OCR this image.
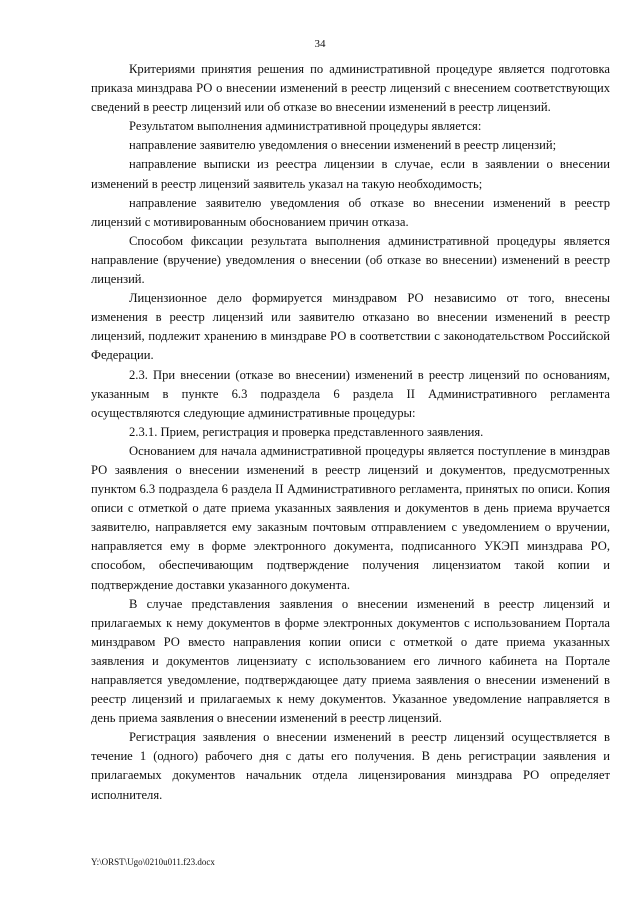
34

Критериями принятия решения по административной процедуре является подготовка приказа минздрава РО о внесении изменений в реестр лицензий с внесением соответствующих сведений в реестр лицензий или об отказе во внесении изменений в реестр лицензий.

Результатом выполнения административной процедуры является:

направление заявителю уведомления о внесении изменений в реестр лицензий;

направление выписки из реестра лицензии в случае, если в заявлении о внесении изменений в реестр лицензий заявитель указал на такую необходимость;

направление заявителю уведомления об отказе во внесении изменений в реестр лицензий с мотивированным обоснованием причин отказа.

Способом фиксации результата выполнения административной процедуры является направление (вручение) уведомления о внесении (об отказе во внесении) изменений в реестр лицензий.

Лицензионное дело формируется минздравом РО независимо от того, внесены изменения в реестр лицензий или заявителю отказано во внесении изменений в реестр лицензий, подлежит хранению в минздраве РО в соответствии с законодательством Российской Федерации.

2.3. При внесении (отказе во внесении) изменений в реестр лицензий по основаниям, указанным в пункте 6.3 подраздела 6 раздела II Административного регламента осуществляются следующие административные процедуры:

2.3.1. Прием, регистрация и проверка представленного заявления.

Основанием для начала административной процедуры является поступление в минздрав РО заявления о внесении изменений в реестр лицензий и документов, предусмотренных пунктом 6.3 подраздела 6 раздела II Административного регламента, принятых по описи. Копия описи с отметкой о дате приема указанных заявления и документов в день приема вручается заявителю, направляется ему заказным почтовым отправлением с уведомлением о вручении, направляется ему в форме электронного документа, подписанного УКЭП минздрава РО, способом, обеспечивающим подтверждение получения лицензиатом такой копии и подтверждение доставки указанного документа.

В случае представления заявления о внесении изменений в реестр лицензий и прилагаемых к нему документов в форме электронных документов с использованием Портала минздравом РО вместо направления копии описи с отметкой о дате приема указанных заявления и документов лицензиату с использованием его личного кабинета на Портале направляется уведомление, подтверждающее дату приема заявления о внесении изменений в реестр лицензий и прилагаемых к нему документов. Указанное уведомление направляется в день приема заявления о внесении изменений в реестр лицензий.

Регистрация заявления о внесении изменений в реестр лицензий осуществляется в течение 1 (одного) рабочего дня с даты его получения. В день регистрации заявления и прилагаемых документов начальник отдела лицензирования минздрава РО определяет исполнителя.

Y:\ORST\Ugo\0210u011.f23.docx
